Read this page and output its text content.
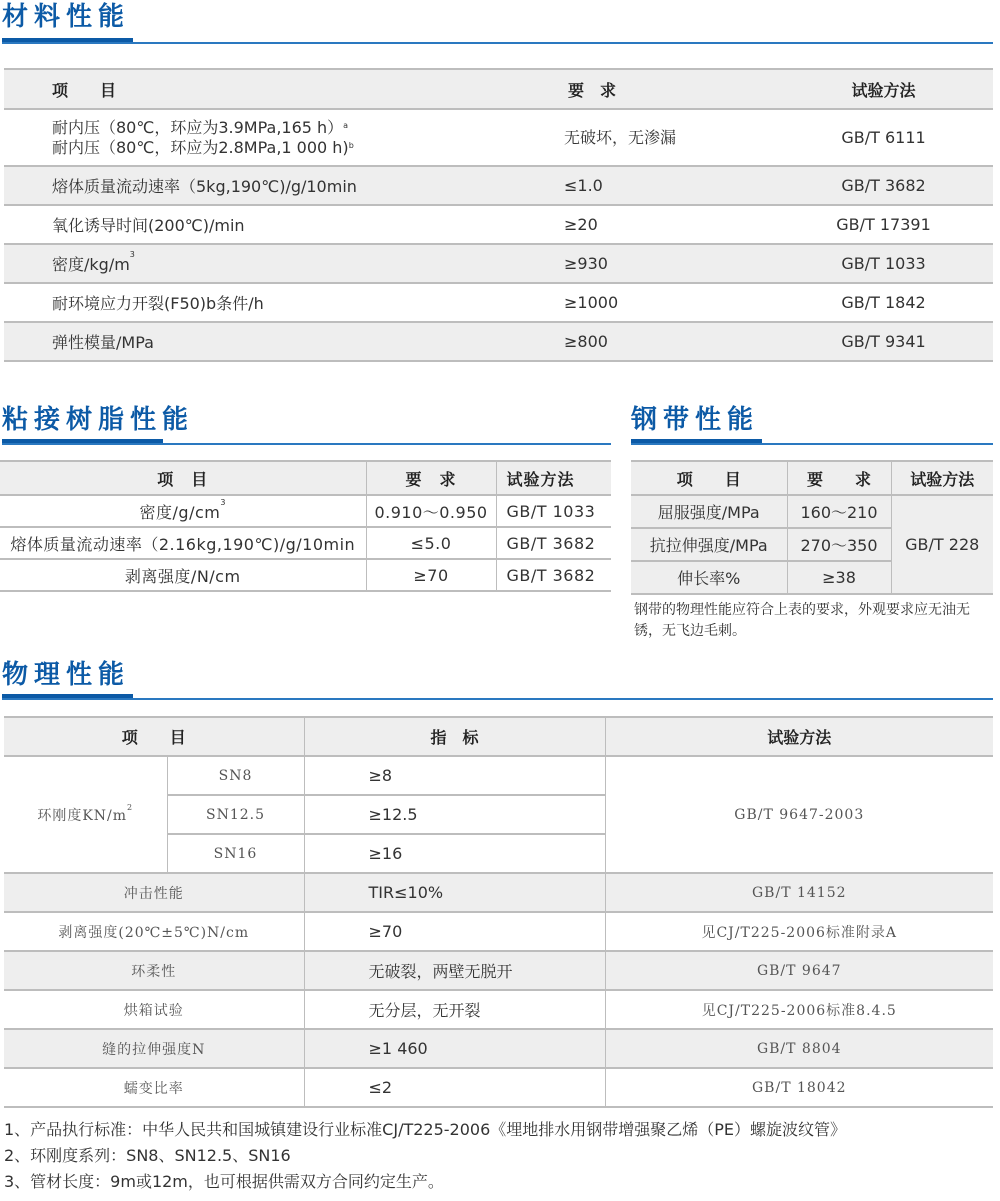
材料性能
项　　目	要　求	试验方法

耐内压（80℃，环应为3.9MPa,165 h）$^a$
耐内压（80℃，环应为2.8MPa,1 000 h)$^b$	无破坏，无渗漏	GB/T 6111
熔体质量流动速率（5kg,190℃)/g/10min	≤1.0	GB/T 3682
氧化诱导时间(200℃)/min	≥20	GB/T 17391
密度$/kg/m^3$	≥930	GB/T 1033
耐环境应力开裂(F50)b条件/h	≥1000	GB/T 1842
弹性模量/MPa	≥800	GB/T 9341
粘接树脂性能
项　目	要　求	试验方法
密度$/g/cm^3$	0.910～0.950	GB/T 1033
熔体质量流动速率（2.16kg,190℃)/g/10min	≤5.0	GB/T 3682
剥离强度/N/cm	≥70	GB/T 3682
钢带性能
项　　目	要　　求	试验方法
屈服强度/MPa	160～210	GB/T 228
抗拉伸强度/MPa	270～350	
伸长率%	≥38	
钢带的物理性能应符合上表的要求，外观要求应无油无锈，无飞边毛刺。
物理性能
项　　目		指　标	试验方法
环刚度$KN/m^2$	SN8	≥8	GB/T 9647-2003
	SN12.5	≥12.5	
	SN16	≥16	
冲击性能		TIR≤10%	GB/T 14152
剥离强度(20℃±5℃)N/cm		≥70	见CJ/T225-2006标准附录A
环柔性		无破裂，两壁无脱开	GB/T 9647
烘箱试验		无分层，无开裂	见CJ/T225-2006标准8.4.5
缝的拉伸强度N		≥1 460	GB/T 8804
蠕变比率		≤2	GB/T 18042
1、产品执行标准：中华人民共和国城镇建设行业标准CJ/T225-2006《埋地排水用钢带增强聚乙烯（PE）螺旋波纹管》
2、环刚度系列：SN8、SN12.5、SN16
3、管材长度：9m或12m，也可根据供需双方合同约定生产。
